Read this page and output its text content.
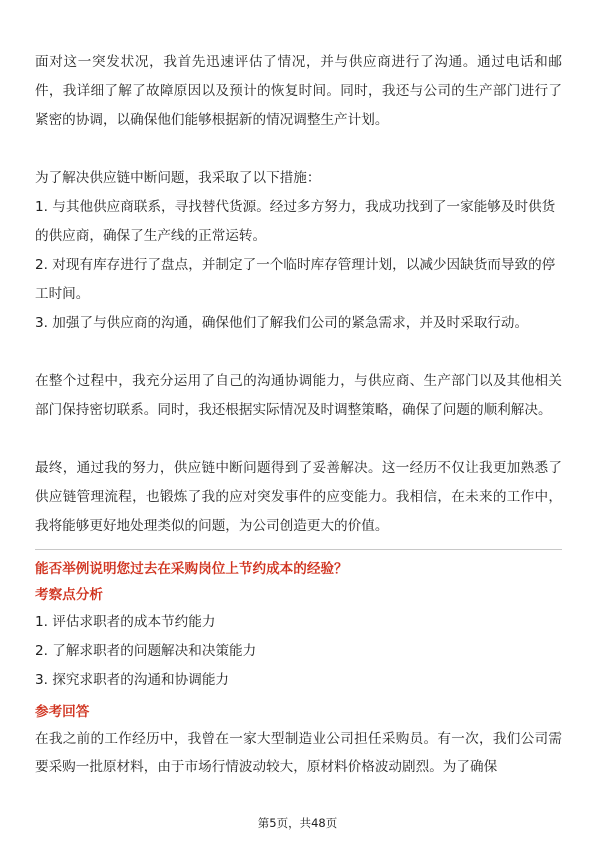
面对这一突发状况，我首先迅速评估了情况，并与供应商进行了沟通。通过电话和邮件，我详细了解了故障原因以及预计的恢复时间。同时，我还与公司的生产部门进行了紧密的协调，以确保他们能够根据新的情况调整生产计划。

为了解决供应链中断问题，我采取了以下措施：

1. 与其他供应商联系，寻找替代货源。经过多方努力，我成功找到了一家能够及时供货的供应商，确保了生产线的正常运转。

2. 对现有库存进行了盘点，并制定了一个临时库存管理计划，以减少因缺货而导致的停工时间。

3. 加强了与供应商的沟通，确保他们了解我们公司的紧急需求，并及时采取行动。

在整个过程中，我充分运用了自己的沟通协调能力，与供应商、生产部门以及其他相关部门保持密切联系。同时，我还根据实际情况及时调整策略，确保了问题的顺利解决。

最终，通过我的努力，供应链中断问题得到了妥善解决。这一经历不仅让我更加熟悉了供应链管理流程，也锻炼了我的应对突发事件的应变能力。我相信，在未来的工作中，我将能够更好地处理类似的问题，为公司创造更大的价值。

能否举例说明您过去在采购岗位上节约成本的经验？

考察点分析

1. 评估求职者的成本节约能力

2. 了解求职者的问题解决和决策能力

3. 探究求职者的沟通和协调能力

参考回答

在我之前的工作经历中，我曾在一家大型制造业公司担任采购员。有一次，我们公司需要采购一批原材料，由于市场行情波动较大，原材料价格波动剧烈。为了确保

第5页，共48页
